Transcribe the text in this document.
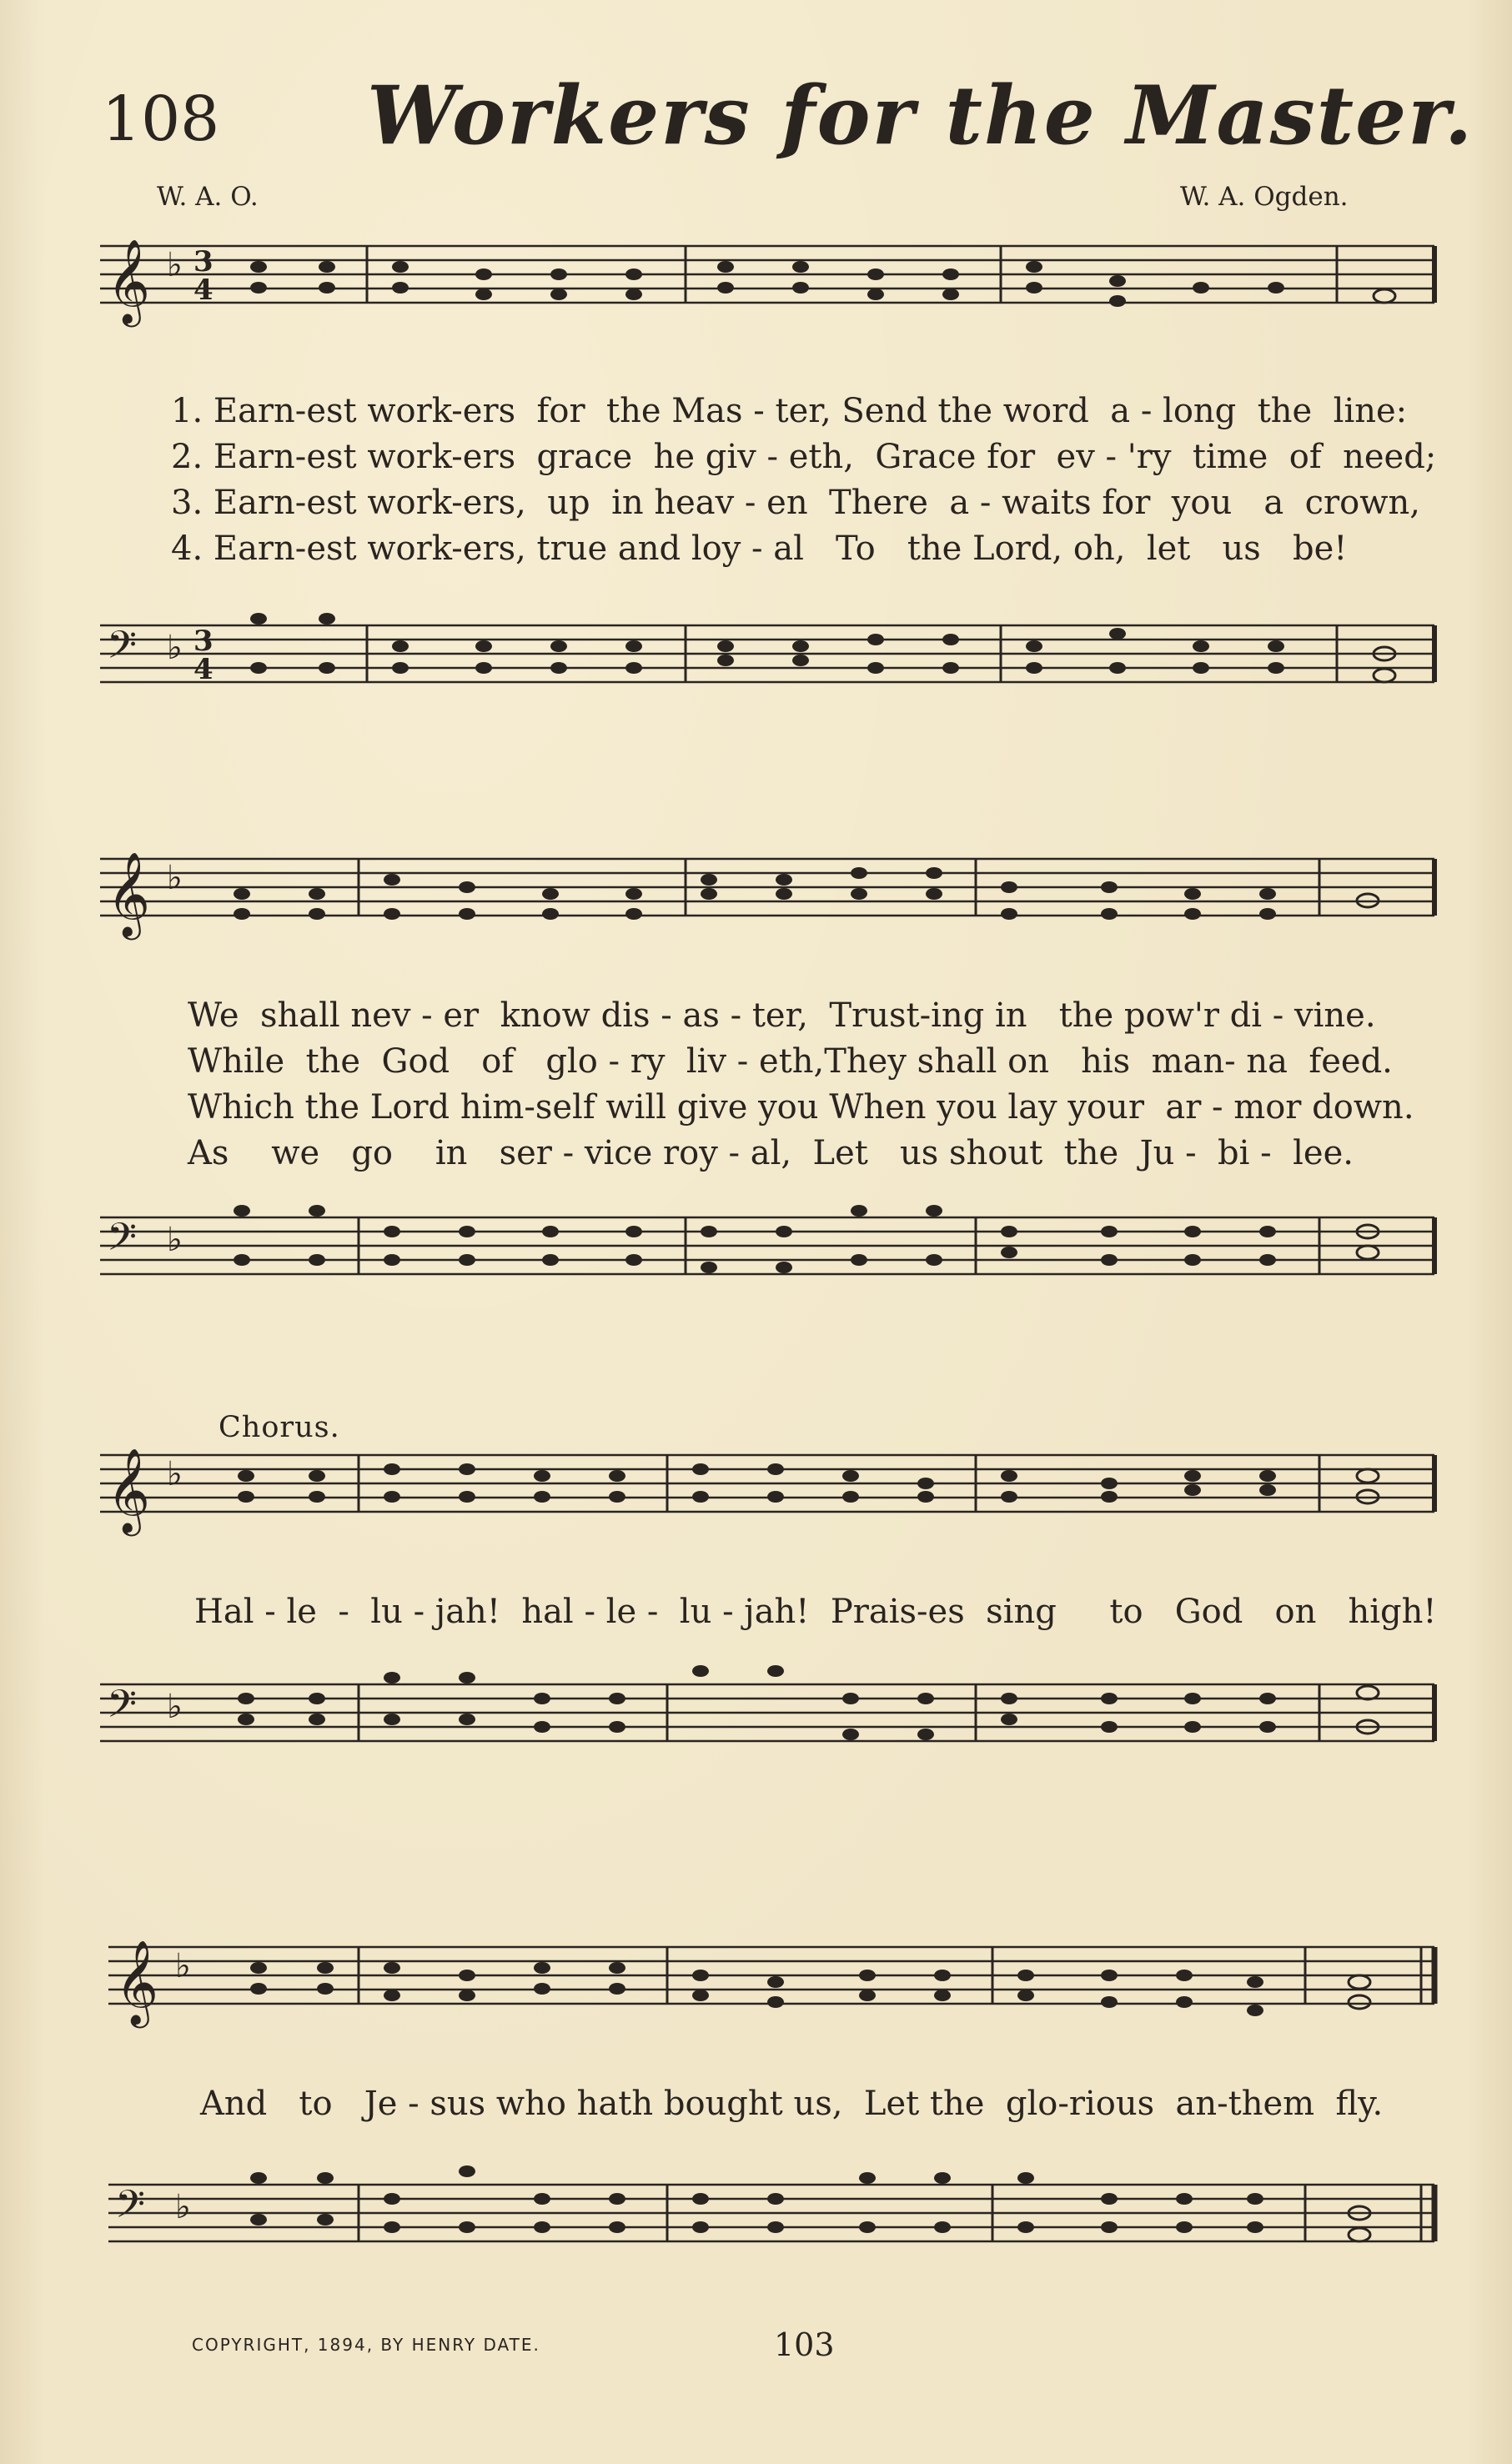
108 Workers for the Master.
W. A. O.	W. A. Ogden.
𝄞 ♭ 3
4
1. Earn-est work-ers  for  the Mas - ter, Send the word  a - long  the  line:
2. Earn-est work-ers  grace  he giv - eth,  Grace for  ev - 'ry  time  of  need;
3. Earn-est work-ers,  up  in heav - en  There  a - waits for  you   a  crown,
4. Earn-est work-ers, true and loy - al   To   the Lord, oh,  let   us   be!
𝄢 ♭ 3
4
𝄞 ♭
We  shall nev - er  know dis - as - ter,  Trust-ing in   the pow'r di - vine.
While  the  God   of   glo - ry  liv - eth,They shall on   his  man- na  feed.
Which the Lord him-self will give you When you lay your  ar - mor down.
As    we   go    in   ser - vice roy - al,  Let   us shout  the  Ju -  bi -  lee.
𝄢 ♭
Chorus.
𝄞 ♭
Hal - le  -  lu - jah!  hal - le -  lu - jah!  Prais-es  sing     to   God   on   high!
𝄢 ♭
𝄞 ♭
And   to   Je - sus who hath bought us,  Let the  glo-rious  an-them  fly.
𝄢 ♭
COPYRIGHT, 1894, BY HENRY DATE.	103
